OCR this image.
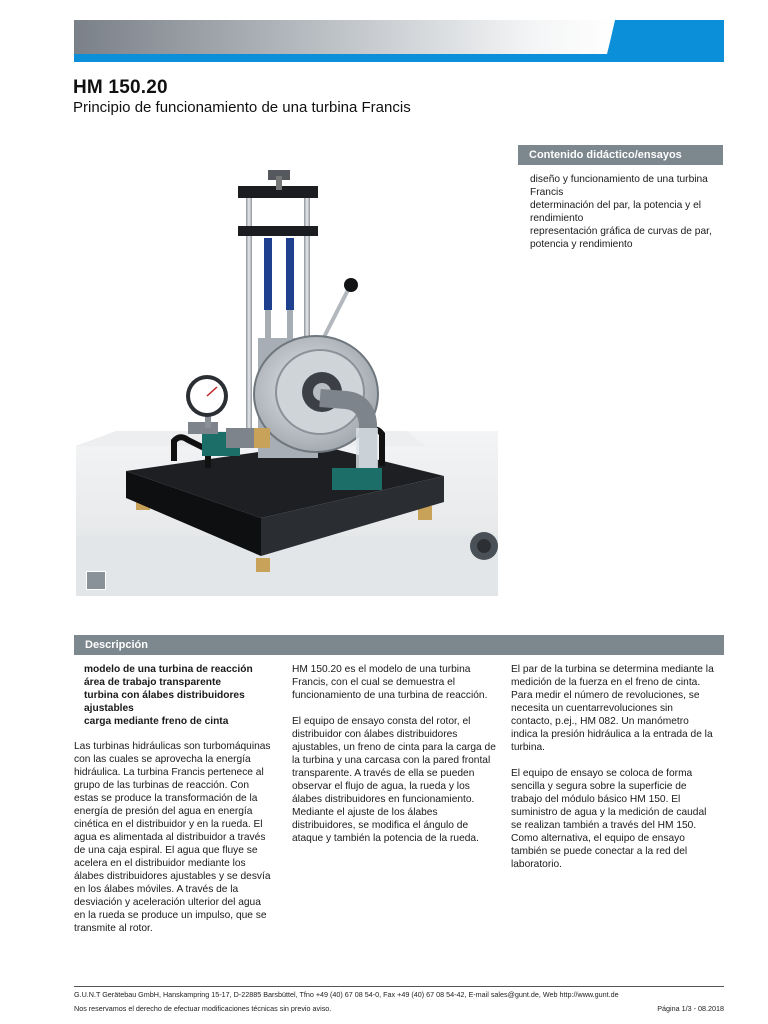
HM 150.20
Principio de funcionamiento de una turbina Francis
Contenido didáctico/ensayos
diseño y funcionamiento de una turbina Francis
determinación del par, la potencia y el rendimiento
representación gráfica de curvas de par, potencia y rendimiento
Descripción
modelo de una turbina de reacción
área de trabajo transparente
turbina con álabes distribuidores ajustables
carga mediante freno de cinta

Las turbinas hidráulicas son turbomáquinas con las cuales se aprovecha la energía hidráulica. La turbina Francis pertenece al grupo de las turbinas de reacción. Con estas se produce la transformación de la energía de presión del agua en energía cinética en el distribuidor y en la rueda. El agua es alimentada al distribuidor a través de una caja espiral. El agua que fluye se acelera en el distribuidor mediante los álabes distribuidores ajustables y se desvía en los álabes móviles. A través de la desviación y aceleración ulterior del agua en la rueda se produce un impulso, que se transmite al rotor.

HM 150.20 es el modelo de una turbina Francis, con el cual se demuestra el funcionamiento de una turbina de reacción.

El equipo de ensayo consta del rotor, el distribuidor con álabes distribuidores ajustables, un freno de cinta para la carga de la turbina y una carcasa con la pared frontal transparente. A través de ella se pueden observar el flujo de agua, la rueda y los álabes distribuidores en funcionamiento. Mediante el ajuste de los álabes distribuidores, se modifica el ángulo de ataque y también la potencia de la rueda.

El par de la turbina se determina mediante la medición de la fuerza en el freno de cinta. Para medir el número de revoluciones, se necesita un cuentarrevoluciones sin contacto, p.ej., HM 082. Un manómetro indica la presión hidráulica a la entrada de la turbina.

El equipo de ensayo se coloca de forma sencilla y segura sobre la superficie de trabajo del módulo básico HM 150. El suministro de agua y la medición de caudal se realizan también a través del HM 150. Como alternativa, el equipo de ensayo también se puede conectar a la red del laboratorio.

G.U.N.T Gerätebau GmbH, Hanskampring 15-17, D-22885 Barsbüttel, Tfno +49 (40) 67 08 54-0, Fax +49 (40) 67 08 54-42, E-mail sales@gunt.de, Web http://www.gunt.de
Nos reservamos el derecho de efectuar modificaciones técnicas sin previo aviso.	Página 1/3 - 08.2018
